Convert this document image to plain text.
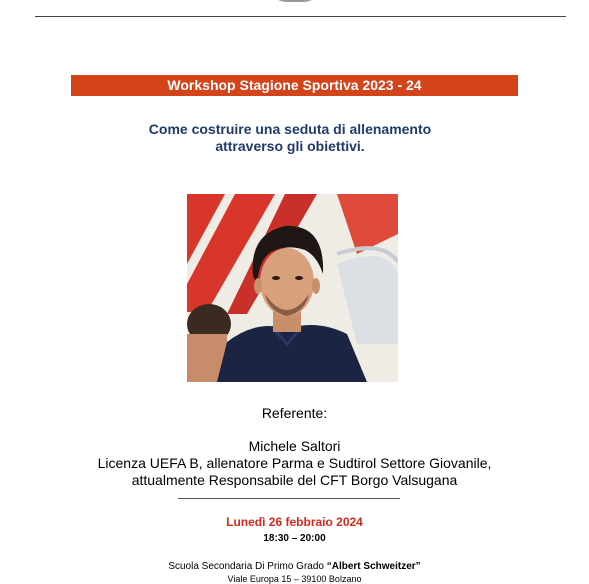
Workshop Stagione Sportiva 2023 - 24
Come costruire una seduta di allenamento
attraverso gli obiettivi.
Referente:
Michele Saltori
Licenza UEFA B, allenatore Parma e Sudtirol Settore Giovanile,
attualmente Responsabile del CFT Borgo Valsugana
Lunedì 26 febbraio 2024
18:30 – 20:00
Scuola Secondaria Di Primo Grado “Albert Schweitzer”
Viale Europa 15 – 39100 Bolzano
